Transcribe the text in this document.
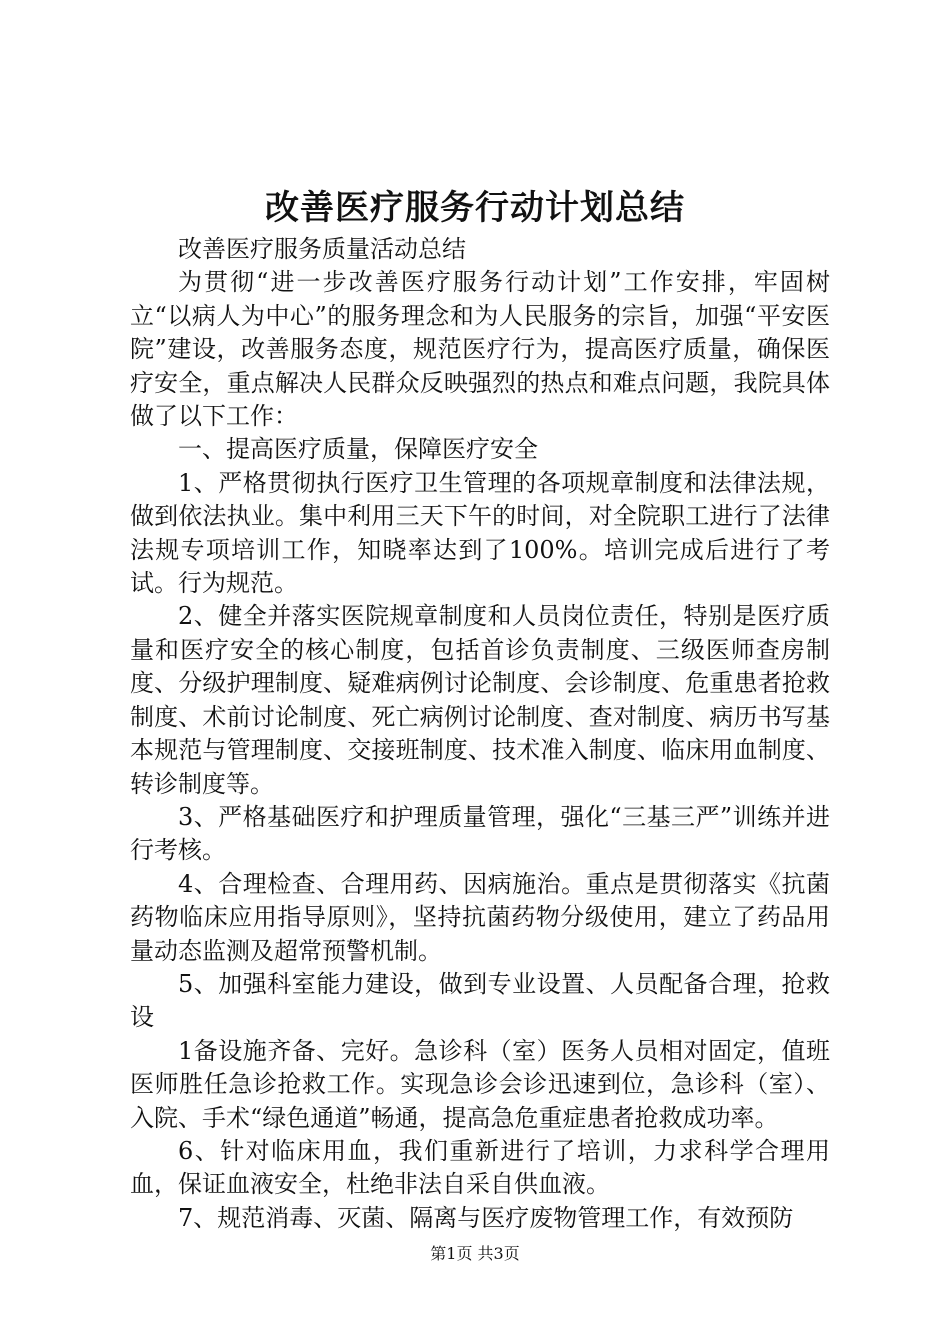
改善医疗服务行动计划总结

改善医疗服务质量活动总结

为贯彻“进一步改善医疗服务行动计划”工作安排，牢固树立“以病人为中心”的服务理念和为人民服务的宗旨，加强“平安医院”建设，改善服务态度，规范医疗行为，提高医疗质量，确保医疗安全，重点解决人民群众反映强烈的热点和难点问题，我院具体做了以下工作：

一、提高医疗质量，保障医疗安全

1、严格贯彻执行医疗卫生管理的各项规章制度和法律法规，做到依法执业。集中利用三天下午的时间，对全院职工进行了法律法规专项培训工作，知晓率达到了100%。培训完成后进行了考试。行为规范。

2、健全并落实医院规章制度和人员岗位责任，特别是医疗质量和医疗安全的核心制度，包括首诊负责制度、三级医师查房制度、分级护理制度、疑难病例讨论制度、会诊制度、危重患者抢救制度、术前讨论制度、死亡病例讨论制度、查对制度、病历书写基本规范与管理制度、交接班制度、技术准入制度、临床用血制度、转诊制度等。

3、严格基础医疗和护理质量管理，强化“三基三严”训练并进行考核。

4、合理检查、合理用药、因病施治。重点是贯彻落实《抗菌药物临床应用指导原则》，坚持抗菌药物分级使用，建立了药品用量动态监测及超常预警机制。

5、加强科室能力建设，做到专业设置、人员配备合理，抢救设

1备设施齐备、完好。急诊科（室）医务人员相对固定，值班医师胜任急诊抢救工作。实现急诊会诊迅速到位，急诊科（室）、入院、手术“绿色通道”畅通，提高急危重症患者抢救成功率。

6、针对临床用血，我们重新进行了培训，力求科学合理用血，保证血液安全，杜绝非法自采自供血液。

7、规范消毒、灭菌、隔离与医疗废物管理工作，有效预防

第1页 共3页
